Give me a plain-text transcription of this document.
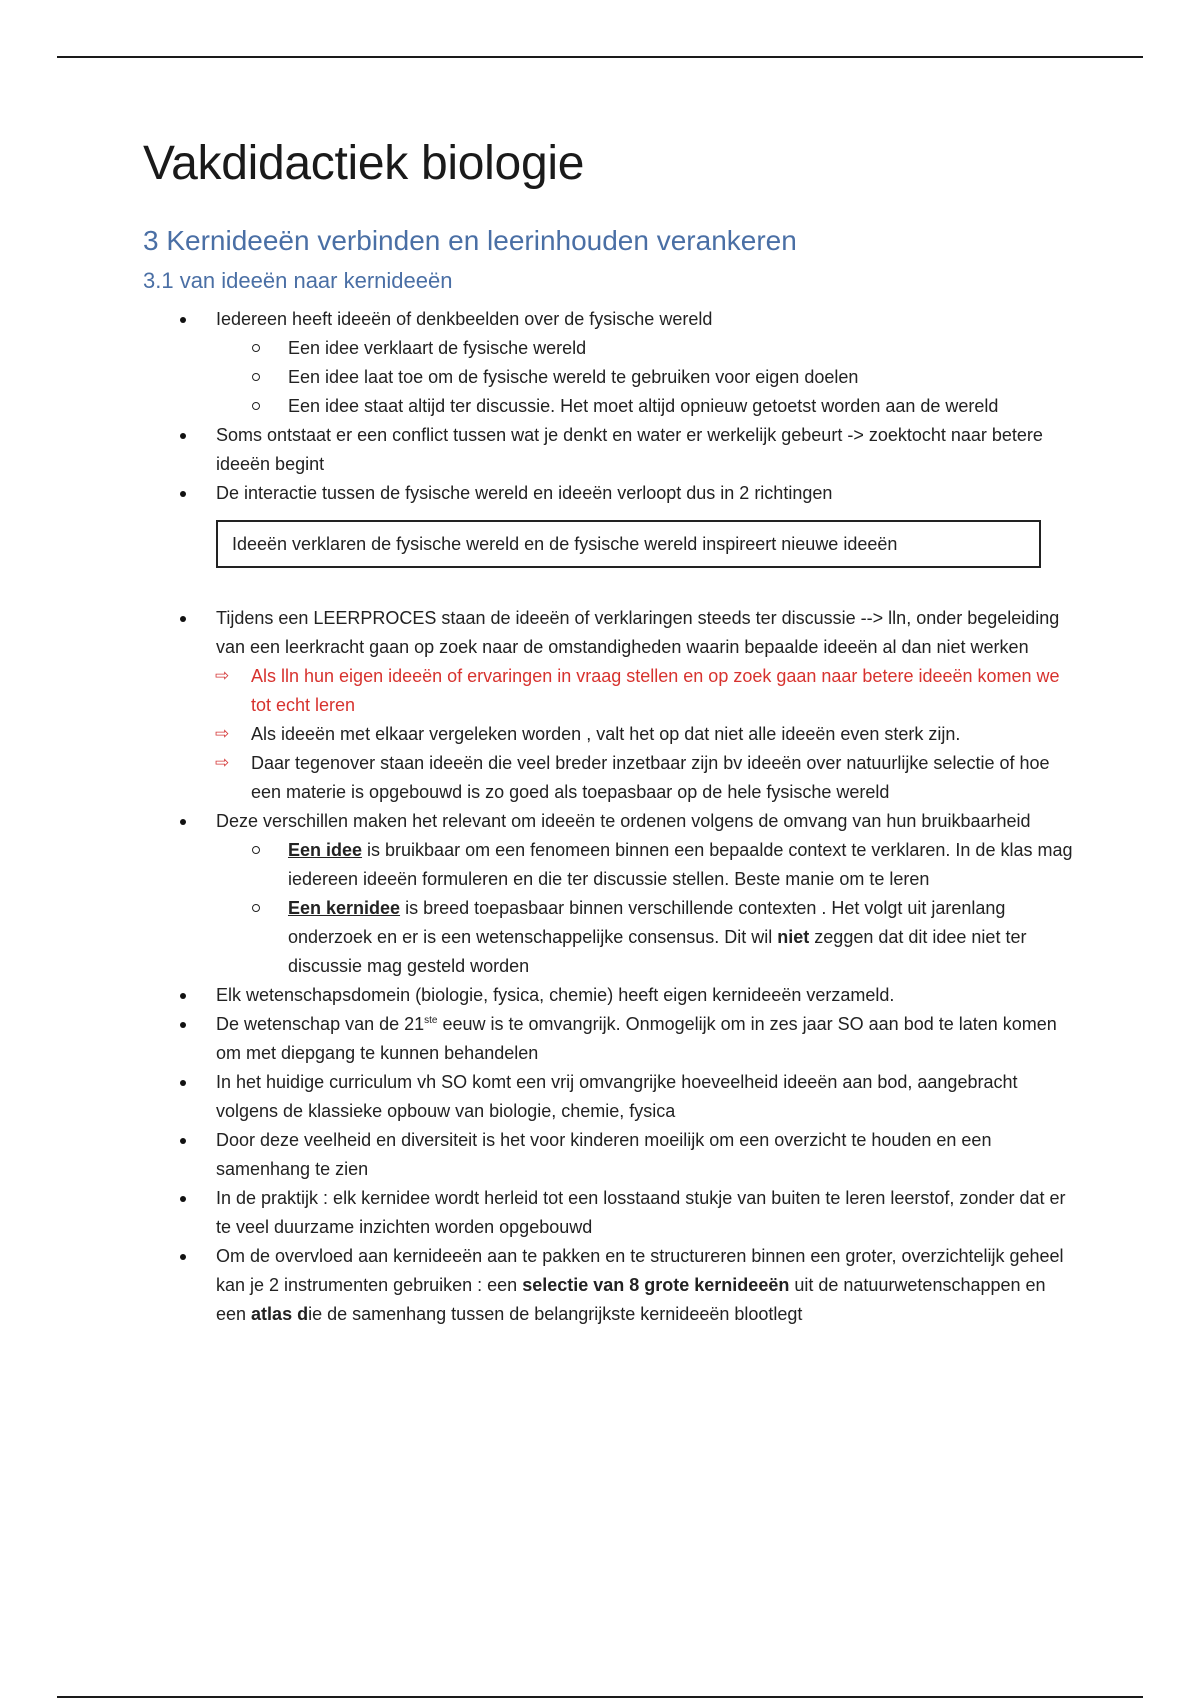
Vakdidactiek biologie
3 Kernideeën verbinden en leerinhouden verankeren
3.1 van ideeën naar kernideeën
Iedereen heeft ideeën of denkbeelden over de fysische wereld
Een idee verklaart de fysische wereld
Een idee laat toe om de fysische wereld te gebruiken voor eigen doelen
Een idee staat altijd ter discussie. Het moet altijd opnieuw getoetst worden aan de wereld
Soms ontstaat er een conflict tussen wat je denkt en water er werkelijk gebeurt -> zoektocht naar betere ideeën begint
De interactie tussen de fysische wereld en ideeën verloopt dus in 2 richtingen
Ideeën verklaren de fysische wereld en de fysische wereld inspireert nieuwe ideeën
Tijdens een LEERPROCES staan de ideeën of verklaringen steeds ter discussie --> lln, onder begeleiding van een leerkracht gaan op zoek naar de omstandigheden waarin bepaalde ideeën al dan niet werken
⇨ Als lln hun eigen ideeën of ervaringen in vraag stellen en op zoek gaan naar betere ideeën komen we tot echt leren
⇨ Als ideeën met elkaar vergeleken worden , valt het op dat niet alle ideeën even sterk zijn.
⇨ Daar tegenover staan ideeën die veel breder inzetbaar zijn bv ideeën over natuurlijke selectie of hoe een materie is opgebouwd is zo goed als toepasbaar op de hele fysische wereld
Deze verschillen maken het relevant om ideeën te ordenen volgens de omvang van hun bruikbaarheid
Een idee is bruikbaar om een fenomeen binnen een bepaalde context te verklaren. In de klas mag iedereen ideeën formuleren en die ter discussie stellen. Beste manie om te leren
Een kernidee is breed toepasbaar binnen verschillende contexten . Het volgt uit jarenlang onderzoek en er is een wetenschappelijke consensus. Dit wil niet zeggen dat dit idee niet ter discussie mag gesteld worden
Elk wetenschapsdomein (biologie, fysica, chemie) heeft eigen kernideeën verzameld.
De wetenschap van de 21ste eeuw is te omvangrijk. Onmogelijk om in zes jaar SO aan bod te laten komen om met diepgang te kunnen behandelen
In het huidige curriculum vh SO komt een vrij omvangrijke hoeveelheid ideeën aan bod, aangebracht volgens de klassieke opbouw van biologie, chemie, fysica
Door deze veelheid en diversiteit is het voor kinderen moeilijk om een overzicht te houden en een samenhang te zien
In de praktijk : elk kernidee wordt herleid tot een losstaand stukje van buiten te leren leerstof, zonder dat er te veel duurzame inzichten worden opgebouwd
Om de overvloed aan kernideeën aan te pakken en te structureren binnen een groter, overzichtelijk geheel kan je 2 instrumenten gebruiken : een selectie van 8 grote kernideeën uit de natuurwetenschappen en een atlas die de samenhang tussen de belangrijkste kernideeën blootlegt
